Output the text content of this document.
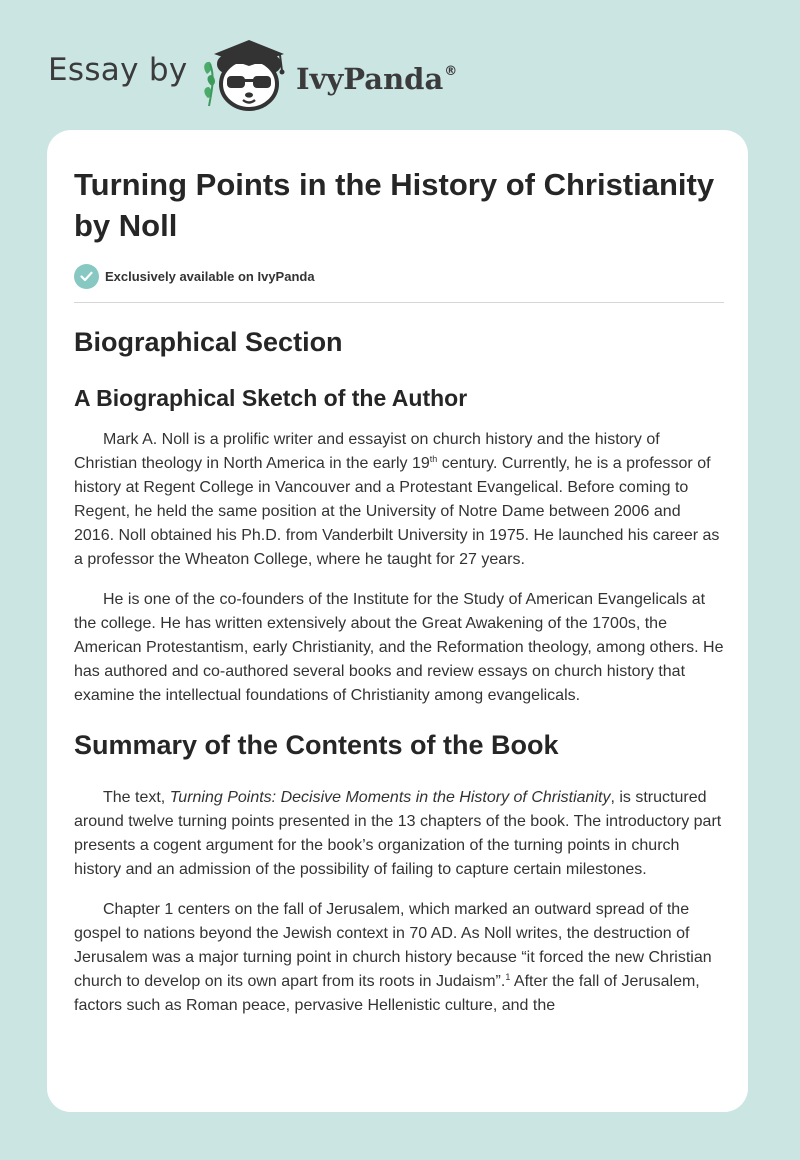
Essay by	IvyPanda®
Turning Points in the History of Christianity by Noll
Exclusively available on IvyPanda
Biographical Section
A Biographical Sketch of the Author

Mark A. Noll is a prolific writer and essayist on church history and the history of Christian theology in North America in the early 19th century. Currently, he is a professor of history at Regent College in Vancouver and a Protestant Evangelical. Before coming to Regent, he held the same position at the University of Notre Dame between 2006 and 2016. Noll obtained his Ph.D. from Vanderbilt University in 1975. He launched his career as a professor the Wheaton College, where he taught for 27 years.

He is one of the co-founders of the Institute for the Study of American Evangelicals at the college. He has written extensively about the Great Awakening of the 1700s, the American Protestantism, early Christianity, and the Reformation theology, among others. He has authored and co-authored several books and review essays on church history that examine the intellectual foundations of Christianity among evangelicals.

Summary of the Contents of the Book

The text, Turning Points: Decisive Moments in the History of Christianity, is structured around twelve turning points presented in the 13 chapters of the book. The introductory part presents a cogent argument for the book’s organization of the turning points in church history and an admission of the possibility of failing to capture certain milestones.

Chapter 1 centers on the fall of Jerusalem, which marked an outward spread of the gospel to nations beyond the Jewish context in 70 AD. As Noll writes, the destruction of Jerusalem was a major turning point in church history because “it forced the new Christian church to develop on its own apart from its roots in Judaism”.$^1$ After the fall of Jerusalem, factors such as Roman peace, pervasive Hellenistic culture, and the
